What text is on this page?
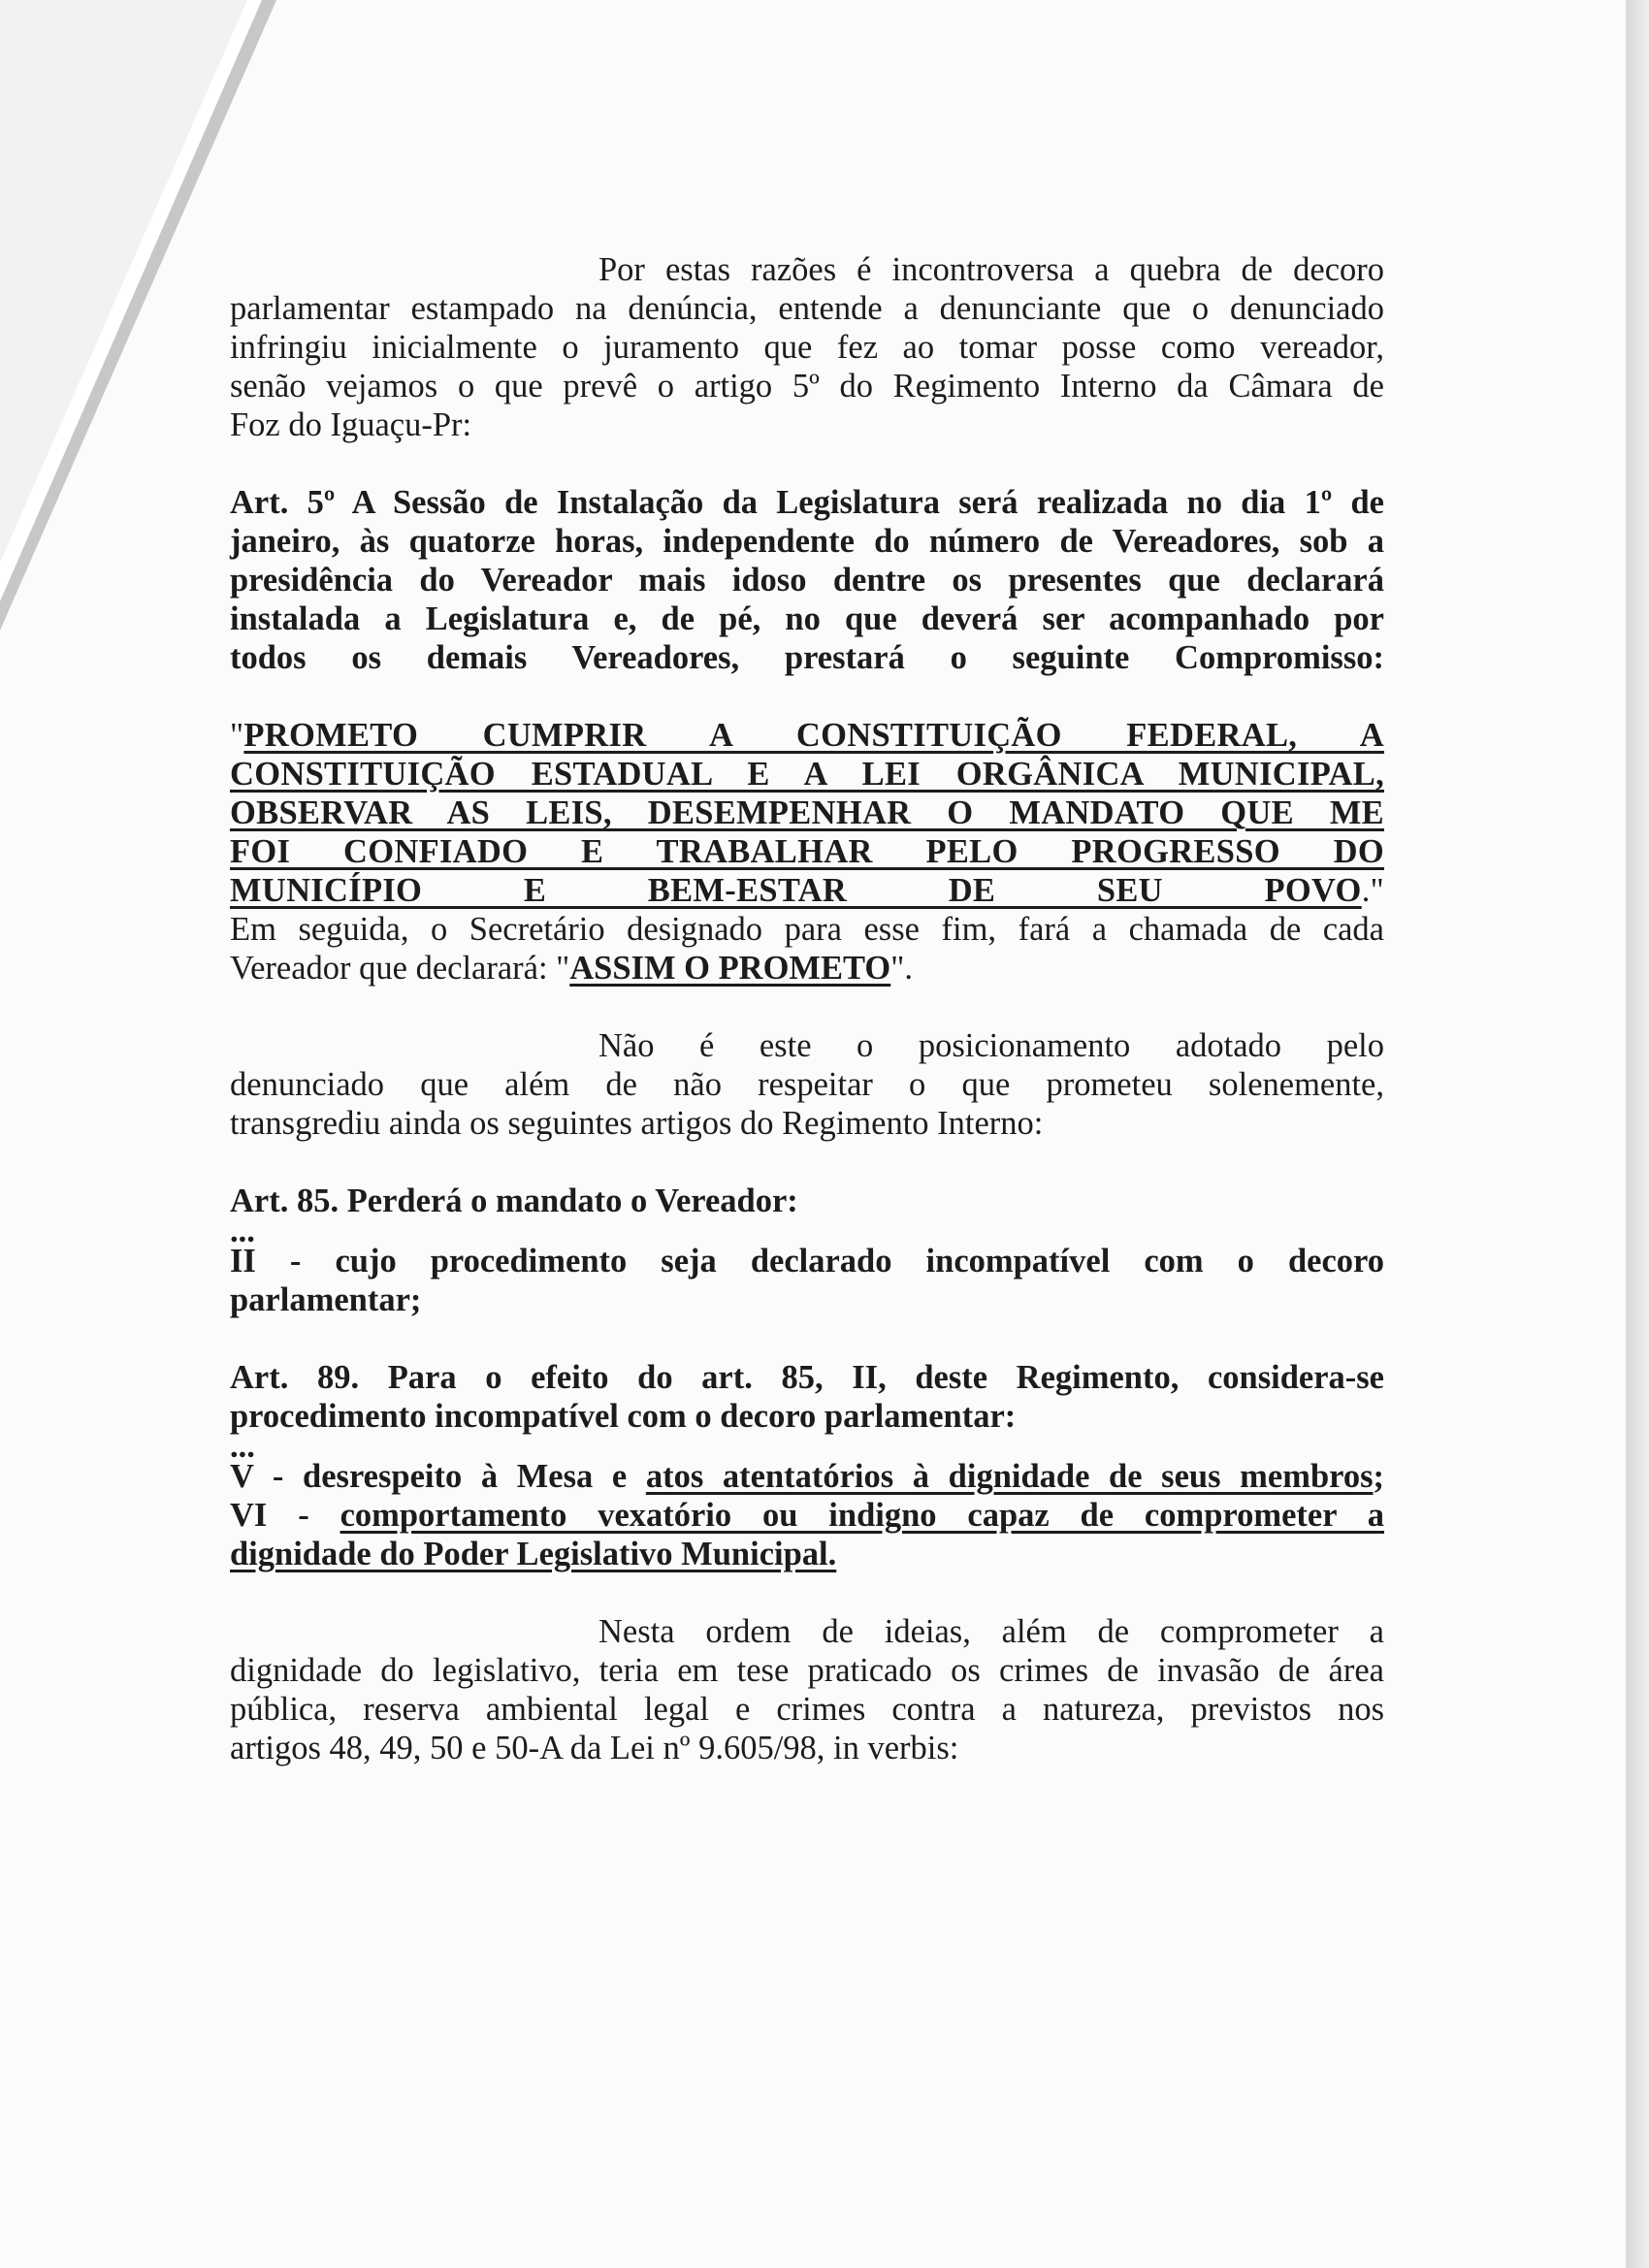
Por estas razões é incontroversa a quebra de decoro

parlamentar estampado na denúncia, entende a denunciante que o denunciado

infringiu inicialmente o juramento que fez ao tomar posse como vereador,

senão vejamos o que prevê o artigo 5º do Regimento Interno da Câmara de

Foz do Iguaçu-Pr:

Art. 5º A Sessão de Instalação da Legislatura será realizada no dia 1º de

janeiro, às quatorze horas, independente do número de Vereadores, sob a

presidência do Vereador mais idoso dentre os presentes que declarará

instalada a Legislatura e, de pé, no que deverá ser acompanhado por

todos os demais Vereadores, prestará o seguinte Compromisso:

"PROMETO CUMPRIR A CONSTITUIÇÃO FEDERAL, A

CONSTITUIÇÃO ESTADUAL E A LEI ORGÂNICA MUNICIPAL,

OBSERVAR AS LEIS, DESEMPENHAR O MANDATO QUE ME

FOI CONFIADO E TRABALHAR PELO PROGRESSO DO

MUNICÍPIO E BEM-ESTAR DE SEU POVO."

Em seguida, o Secretário designado para esse fim, fará a chamada de cada

Vereador que declarará: "ASSIM O PROMETO".

Não é este o posicionamento adotado pelo

denunciado que além de não respeitar o que prometeu solenemente,

transgrediu ainda os seguintes artigos do Regimento Interno:

Art. 85. Perderá o mandato o Vereador:

...

II - cujo procedimento seja declarado incompatível com o decoro

parlamentar;

Art. 89. Para o efeito do art. 85, II, deste Regimento, considera-se

procedimento incompatível com o decoro parlamentar:

...

V - desrespeito à Mesa e atos atentatórios à dignidade de seus membros;

VI - comportamento vexatório ou indigno capaz de comprometer a

dignidade do Poder Legislativo Municipal.

Nesta ordem de ideias, além de comprometer a

dignidade do legislativo, teria em tese praticado os crimes de invasão de área

pública, reserva ambiental legal e crimes contra a natureza, previstos nos

artigos 48, 49, 50 e 50-A da Lei nº 9.605/98, in verbis:
